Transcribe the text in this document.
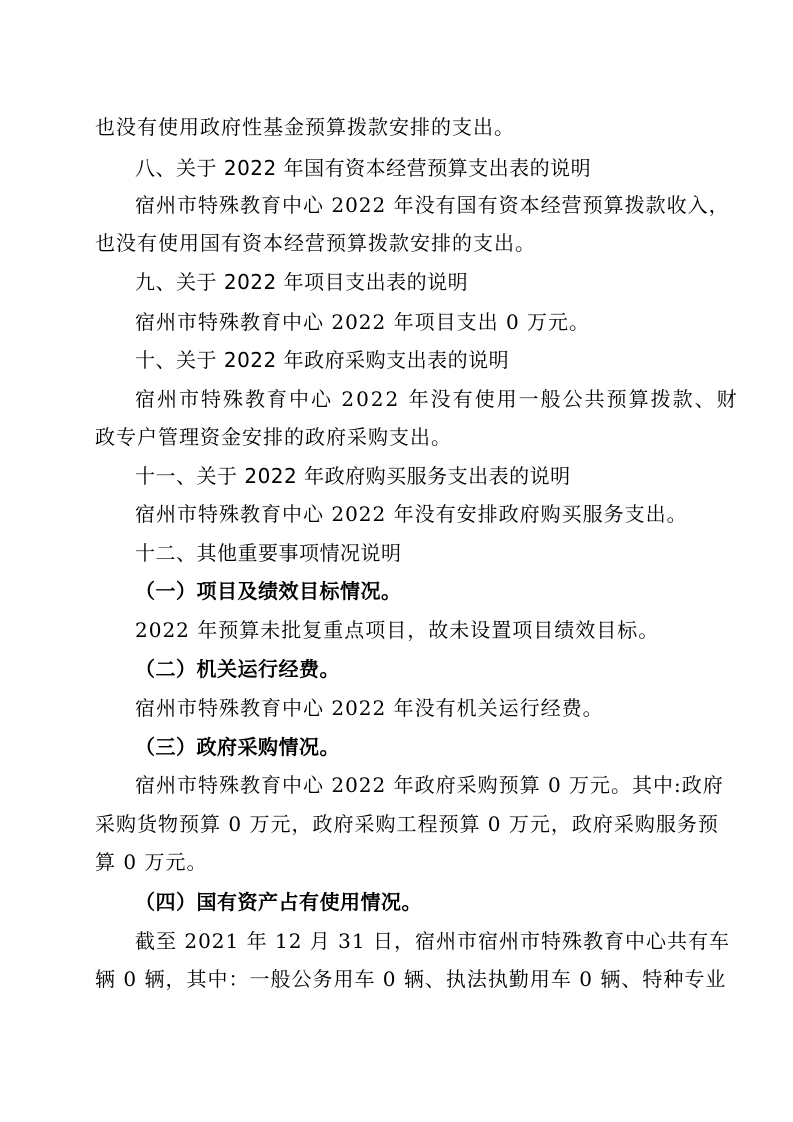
也没有使用政府性基金预算拨款安排的支出。
八、关于 2022 年国有资本经营预算支出表的说明
宿州市特殊教育中心 2022 年没有国有资本经营预算拨款收入，
也没有使用国有资本经营预算拨款安排的支出。
九、关于 2022 年项目支出表的说明
宿州市特殊教育中心 2022 年项目支出 0 万元。
十、关于 2022 年政府采购支出表的说明
宿州市特殊教育中心 2022 年没有使用一般公共预算拨款、财
政专户管理资金安排的政府采购支出。
十一、关于 2022 年政府购买服务支出表的说明
宿州市特殊教育中心 2022 年没有安排政府购买服务支出。
十二、其他重要事项情况说明
（一）项目及绩效目标情况。
2022 年预算未批复重点项目，故未设置项目绩效目标。
（二）机关运行经费。
宿州市特殊教育中心 2022 年没有机关运行经费。
（三）政府采购情况。
宿州市特殊教育中心 2022 年政府采购预算 0 万元。其中:政府
采购货物预算 0 万元，政府采购工程预算 0 万元，政府采购服务预
算 0 万元。
（四）国有资产占有使用情况。
截至 2021 年 12 月 31 日，宿州市宿州市特殊教育中心共有车
辆 0 辆，其中：一般公务用车 0 辆、执法执勤用车 0 辆、特种专业
